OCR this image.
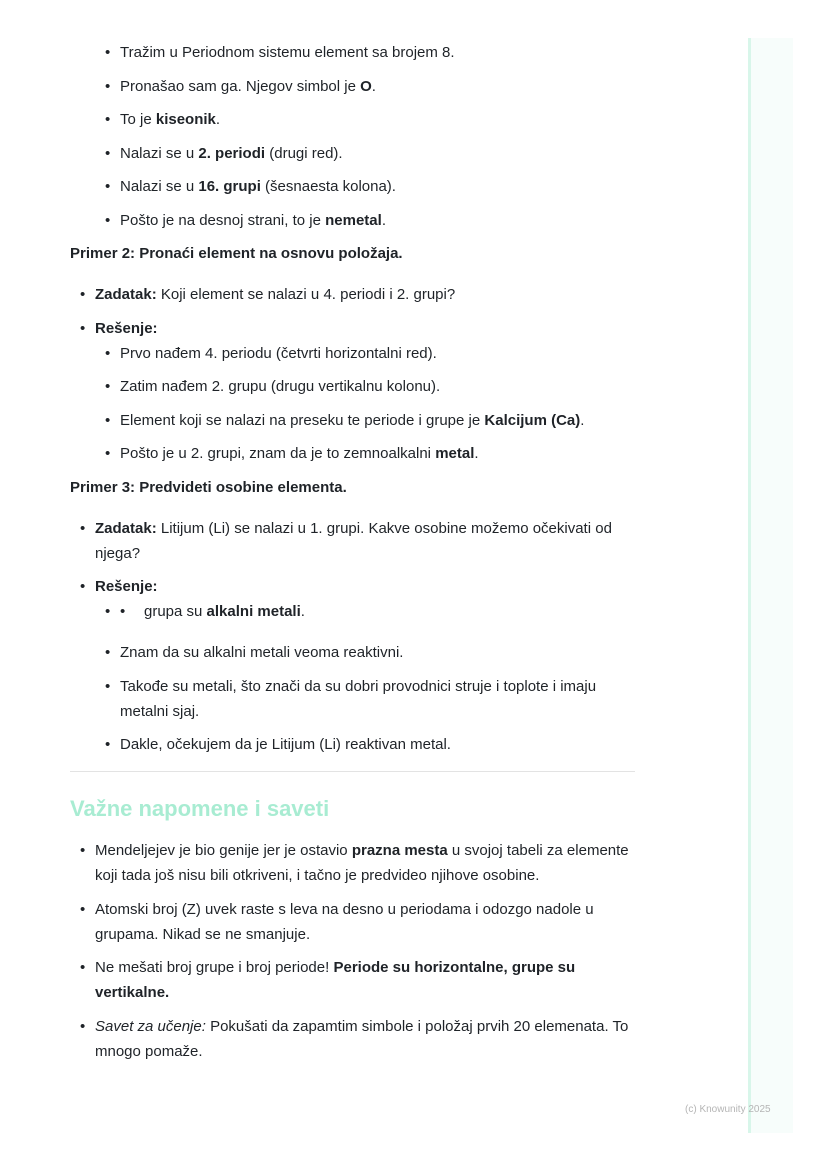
• Tražim u Periodnom sistemu element sa brojem 8.
• Pronašao sam ga. Njegov simbol je O.
• To je kiseonik.
• Nalazi se u 2. periodi (drugi red).
• Nalazi se u 16. grupi (šesnaesta kolona).
• Pošto je na desnoj strani, to je nemetal.
Primer 2: Pronaći element na osnovu položaja.
• Zadatak: Koji element se nalazi u 4. periodi i 2. grupi?
• Rešenje:
• Prvo nađem 4. periodu (četvrti horizontalni red).
• Zatim nađem 2. grupu (drugu vertikalnu kolonu).
• Element koji se nalazi na preseku te periode i grupe je Kalcijum (Ca).
• Pošto je u 2. grupi, znam da je to zemnoalkalni metal.
Primer 3: Predvideti osobine elementa.
• Zadatak: Litijum (Li) se nalazi u 1. grupi. Kakve osobine možemo očekivati od njega?
• Rešenje:
• • grupa su alkalni metali.
• Znam da su alkalni metali veoma reaktivni.
• Takođe su metali, što znači da su dobri provodnici struje i toplote i imaju metalni sjaj.
• Dakle, očekujem da je Litijum (Li) reaktivan metal.
Važne napomene i saveti
• Mendeljejev je bio genije jer je ostavio prazna mesta u svojoj tabeli za elemente koji tada još nisu bili otkriveni, i tačno je predvideo njihove osobine.
• Atomski broj (Z) uvek raste s leva na desno u periodama i odozgo nadole u grupama. Nikad se ne smanjuje.
• Ne mešati broj grupe i broj periode! Periode su horizontalne, grupe su vertikalne.
• Savet za učenje: Pokušati da zapamtim simbole i položaj prvih 20 elemenata. To mnogo pomaže.
(c) Knowunity 2025
